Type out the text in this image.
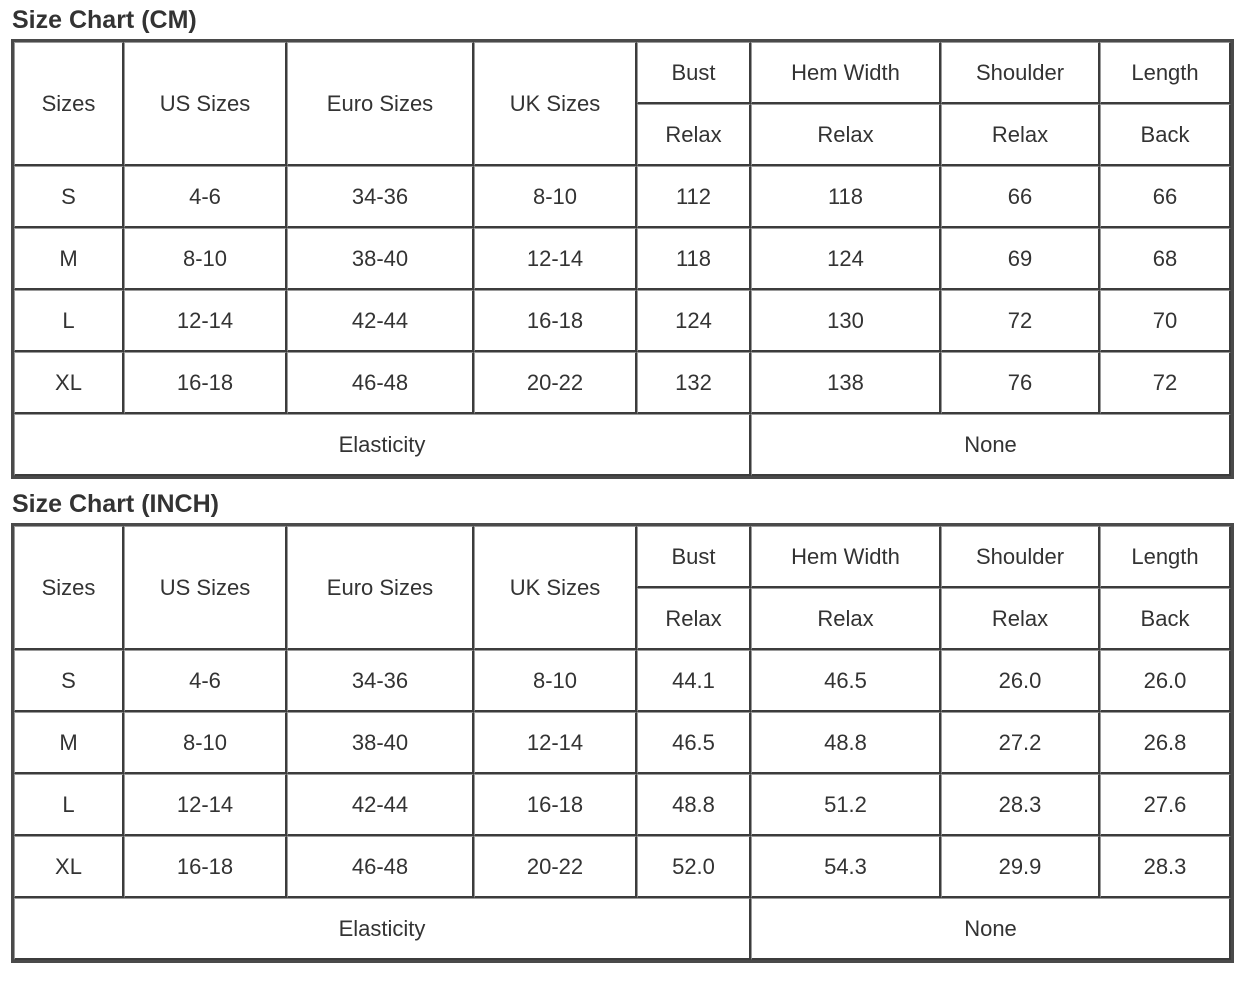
Size Chart (CM)
Sizes	US Sizes	Euro Sizes	UK Sizes	Bust	Hem Width	Shoulder	Length
				Relax	Relax	Relax	Back
S	4-6	34-36	8-10	112	118	66	66
M	8-10	38-40	12-14	118	124	69	68
L	12-14	42-44	16-18	124	130	72	70
XL	16-18	46-48	20-22	132	138	76	72
Elasticity					None		
Size Chart (INCH)
Sizes	US Sizes	Euro Sizes	UK Sizes	Bust	Hem Width	Shoulder	Length
				Relax	Relax	Relax	Back
S	4-6	34-36	8-10	44.1	46.5	26.0	26.0
M	8-10	38-40	12-14	46.5	48.8	27.2	26.8
L	12-14	42-44	16-18	48.8	51.2	28.3	27.6
XL	16-18	46-48	20-22	52.0	54.3	29.9	28.3
Elasticity					None		
